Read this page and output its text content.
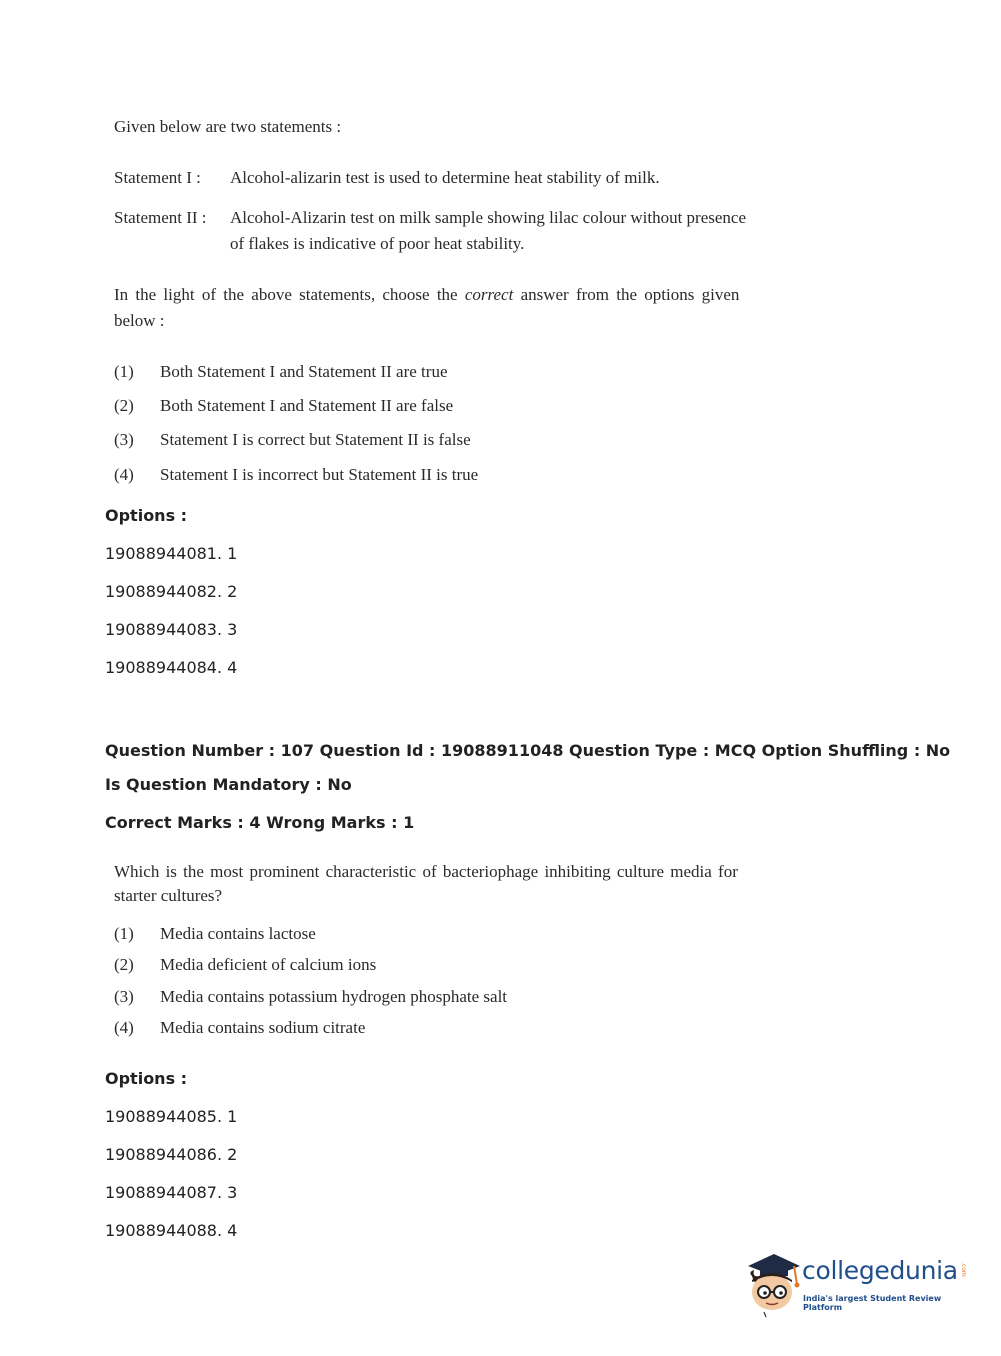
Given below are two statements :
Statement I : Alcohol-alizarin test is used to determine heat stability of milk.
Statement II : Alcohol-Alizarin test on milk sample showing lilac colour without presence
of flakes is indicative of poor heat stability.
In the light of the above statements, choose the correct answer from the options given
below :
(1) Both Statement I and Statement II are true
(2) Both Statement I and Statement II are false
(3) Statement I is correct but Statement II is false
(4) Statement I is incorrect but Statement II is true
Options :
19088944081. 1
19088944082. 2
19088944083. 3
19088944084. 4
Question Number : 107 Question Id : 19088911048 Question Type : MCQ Option Shuffling : No
Is Question Mandatory : No
Correct Marks : 4 Wrong Marks : 1
Which is the most prominent characteristic of bacteriophage inhibiting culture media for
starter cultures?
(1) Media contains lactose
(2) Media deficient of calcium ions
(3) Media contains potassium hydrogen phosphate salt
(4) Media contains sodium citrate
Options :
19088944085. 1
19088944086. 2
19088944087. 3
19088944088. 4
collegedunia .com
India's largest Student Review Platform
